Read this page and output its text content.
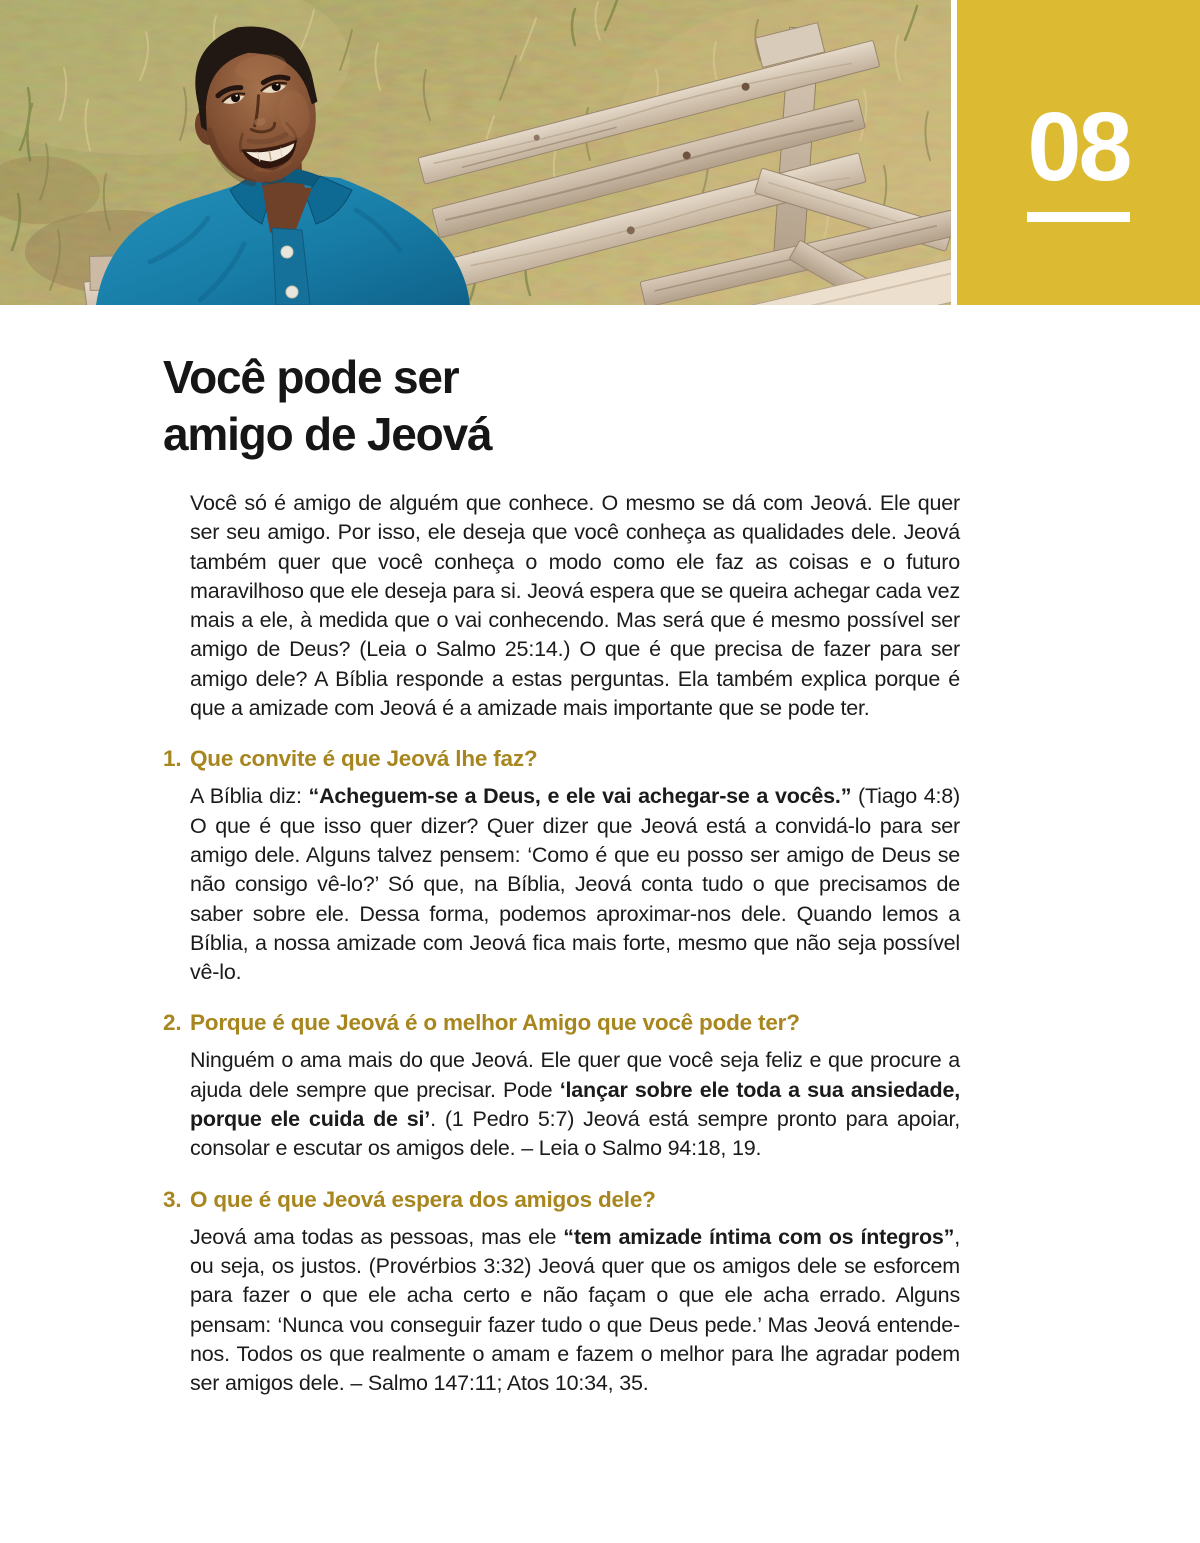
08
Você pode ser
amigo de Jeová

Você só é amigo de alguém que conhece. O mesmo se dá com Jeová. Ele quer ser seu amigo. Por isso, ele deseja que você conheça as qualidades dele. Jeová também quer que você conheça o modo como ele faz as coisas e o futuro maravilhoso que ele deseja para si. Jeová espera que se queira achegar cada vez mais a ele, à medida que o vai conhecendo. Mas será que é mesmo possível ser amigo de Deus? (Leia o Salmo 25:14.) O que é que precisa de fazer para ser amigo dele? A Bíblia responde a estas perguntas. Ela também explica porque é que a amizade com Jeová é a amizade mais importante que se pode ter.

1. Que convite é que Jeová lhe faz?

A Bíblia diz: “Acheguem-se a Deus, e ele vai achegar-se a vocês.” (Tiago 4:8) O que é que isso quer dizer? Quer dizer que Jeová está a convidá-lo para ser amigo dele. Alguns talvez pensem: ‘Como é que eu posso ser amigo de Deus se não consigo vê-lo?’ Só que, na Bíblia, Jeová conta tudo o que precisamos de saber sobre ele. Dessa forma, podemos aproximar-nos dele. Quando lemos a Bíblia, a nossa amizade com Jeová fica mais forte, mesmo que não seja possível vê-lo.

2. Porque é que Jeová é o melhor Amigo que você pode ter?

Ninguém o ama mais do que Jeová. Ele quer que você seja feliz e que procure a ajuda dele sempre que precisar. Pode ‘lançar sobre ele toda a sua ansiedade, porque ele cuida de si’. (1 Pedro 5:7) Jeová está sempre pronto para apoiar, consolar e escutar os amigos dele. – Leia o Salmo 94:18, 19.

3. O que é que Jeová espera dos amigos dele?

Jeová ama todas as pessoas, mas ele “tem amizade íntima com os íntegros”, ou seja, os justos. (Provérbios 3:32) Jeová quer que os amigos dele se esforcem para fazer o que ele acha certo e não façam o que ele acha errado. Alguns pensam: ‘Nunca vou conseguir fazer tudo o que Deus pede.’ Mas Jeová entende-nos. Todos os que realmente o amam e fazem o melhor para lhe agradar podem ser amigos dele. – Salmo 147:11; Atos 10:34, 35.
